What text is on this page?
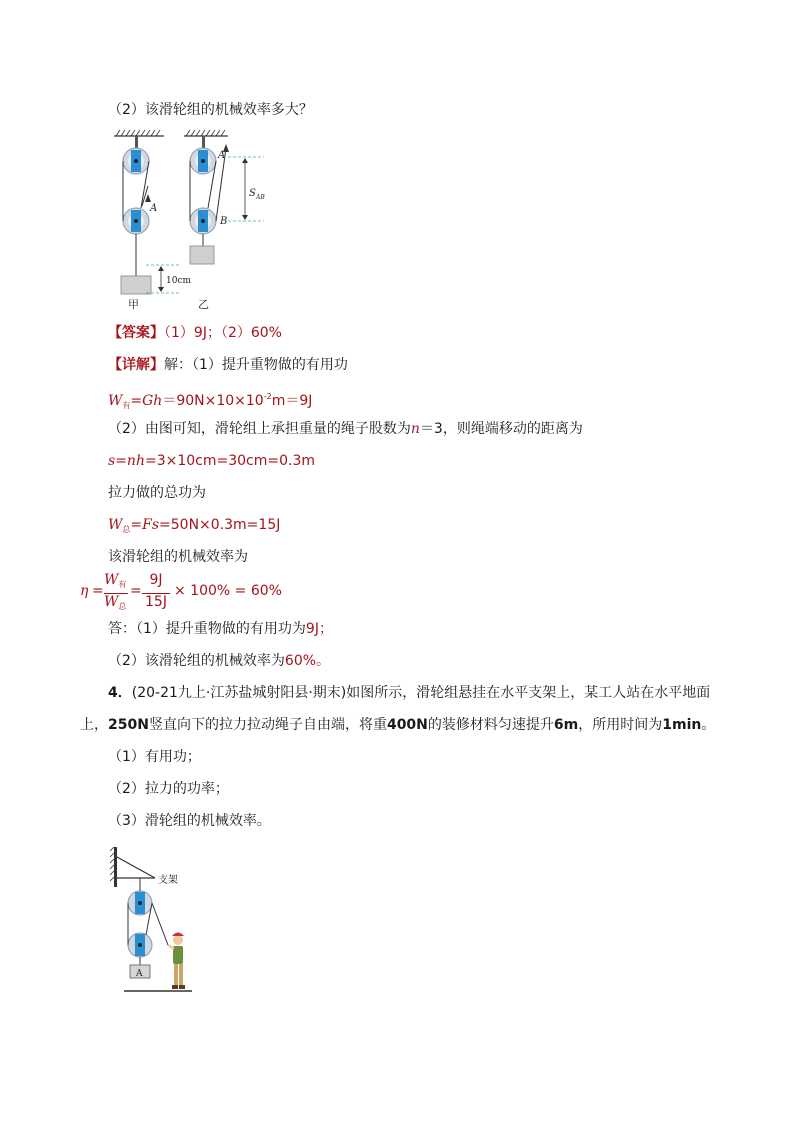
（2）该滑轮组的机械效率多大？
A
甲
10cm
A
B
乙
S AB
【答案】（1）9J；（2）60%
【详解】解：（1）提升重物做的有用功
$W_有=Gh=90N\times 10\times 10^{-2}m=9J$
（2）由图可知，滑轮组上承担重量的绳子股数为n＝3，则绳端移动的距离为
s=nh=3×10cm=30cm=0.3m
拉力做的总功为
$W_总=Fs=50N\times 0.3m=15J$
该滑轮组的机械效率为
η =
$W_有$
$W_总$
=
9J
15J
× 100% = 60%
答：（1）提升重物做的有用功为9J；
（2）该滑轮组的机械效率为60%。
4．(20-21九上·江苏盐城射阳县·期末)如图所示，滑轮组悬挂在水平支架上，某工人站在水平地面
上，250N竖直向下的拉力拉动绳子自由端，将重400N的装修材料匀速提升6m，所用时间为1min。
（1）有用功；
（2）拉力的功率；
（3）滑轮组的机械效率。
支架
A
